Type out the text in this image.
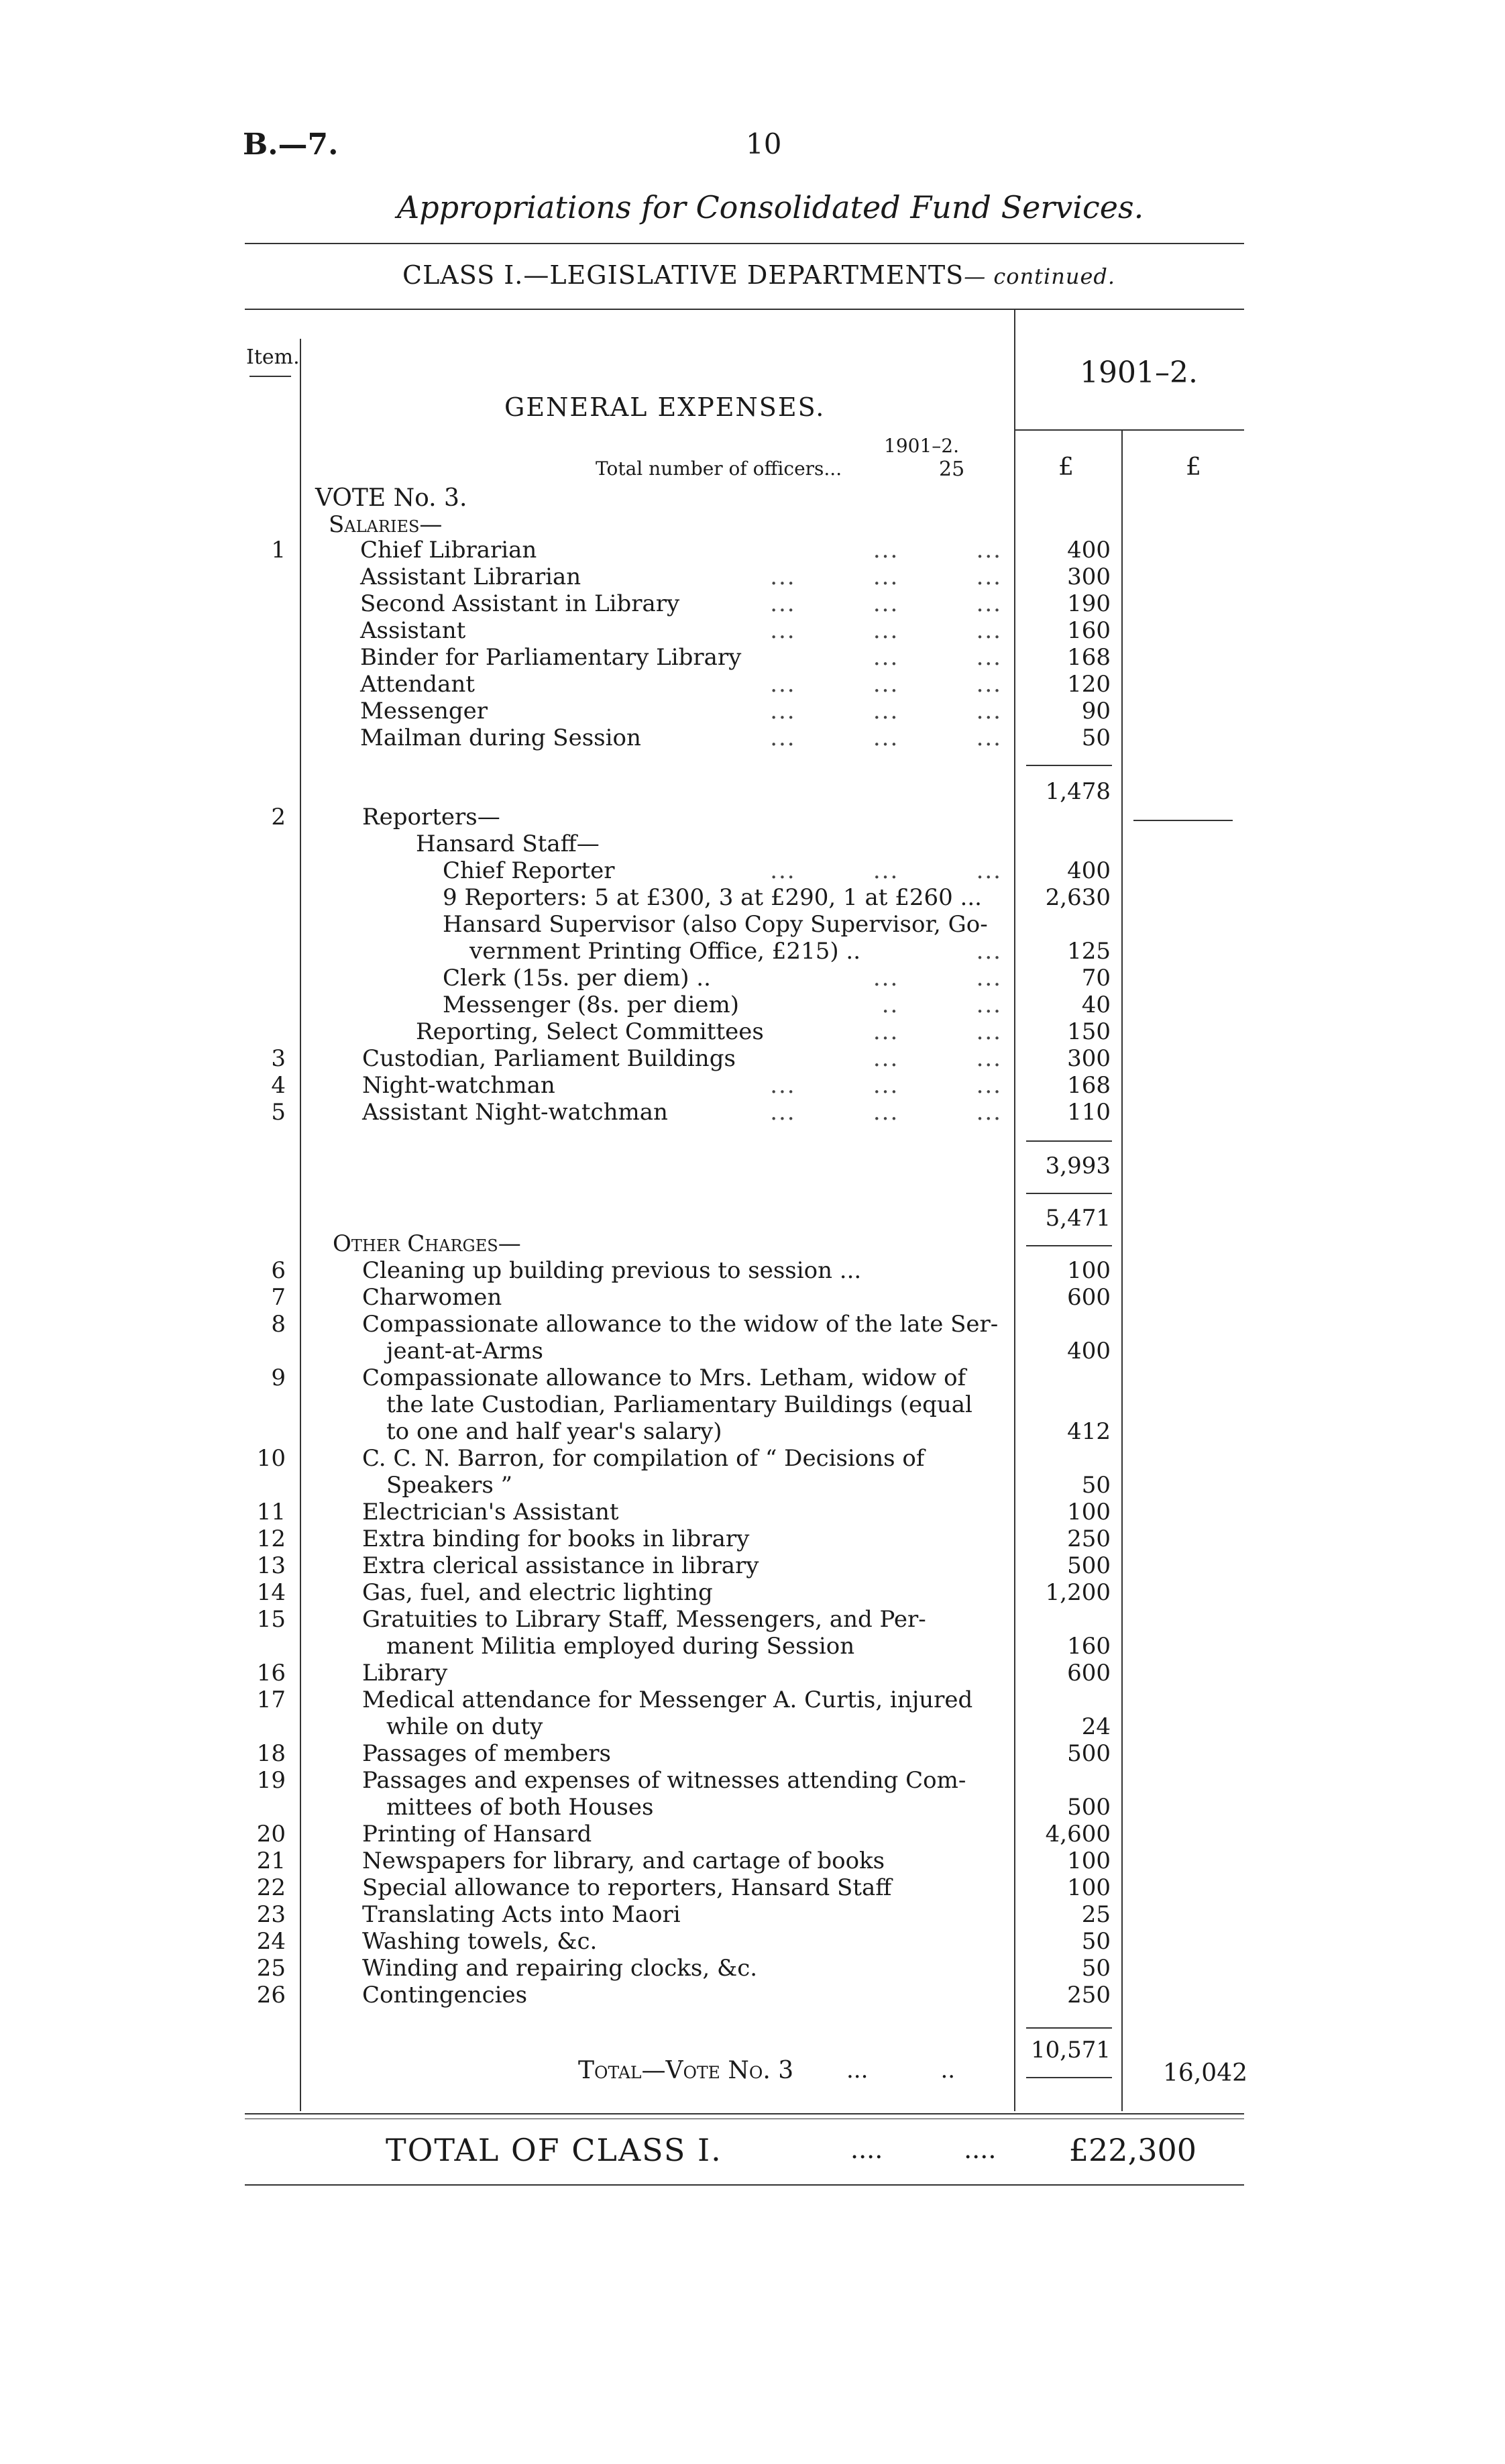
B.—7.	10
Appropriations for Consolidated Fund Services.
CLASS I.—LEGISLATIVE DEPARTMENTS— continued.
Item.	1901–2.
£	£
GENERAL EXPENSES.
1901–2.
Total number of officers...	25
VOTE No. 3.
Salaries—
1	Chief Librarian	...         ...	400
Assistant Librarian	...         ...         ...	300
Second Assistant in Library	...         ...         ...	190
Assistant	...         ...         ...	160
Binder for Parliamentary Library	...         ...	168
Attendant	...         ...         ...	120
Messenger	...         ...         ...	90
Mailman during Session	...         ...         ...	50
1,478
2	Reporters—
Hansard Staff—
Chief Reporter	...         ...         ...	400
9 Reporters: 5 at £300, 3 at £290, 1 at £260 ...	2,630
Hansard Supervisor (also Copy Supervisor, Go-
vernment Printing Office, £215) ..	...	125
Clerk (15s. per diem) ..	...         ...	70
Messenger (8s. per diem)	..         ...	40
Reporting, Select Committees	...         ...	150
3	Custodian, Parliament Buildings	...         ...	300
4	Night-watchman	...         ...         ...	168
5	Assistant Night-watchman	...         ...         ...	110
3,993
5,471
Other Charges—
6	Cleaning up building previous to session ...	100
7	Charwomen	600
8	Compassionate allowance to the widow of the late Ser-
jeant-at-Arms	400
9	Compassionate allowance to Mrs. Letham, widow of
the late Custodian, Parliamentary Buildings (equal
to one and half year's salary)	412
10	C. C. N. Barron, for compilation of “ Decisions of
Speakers ”	50
11	Electrician's Assistant	100
12	Extra binding for books in library	250
13	Extra clerical assistance in library	500
14	Gas, fuel, and electric lighting	1,200
15	Gratuities to Library Staff, Messengers, and Per-
manent Militia employed during Session	160
16	Library	600
17	Medical attendance for Messenger A. Curtis, injured
while on duty	24
18	Passages of members	500
19	Passages and expenses of witnesses attending Com-
mittees of both Houses	500
20	Printing of Hansard	4,600
21	Newspapers for library, and cartage of books	100
22	Special allowance to reporters, Hansard Staff	100
23	Translating Acts into Maori	25
24	Washing towels, &c.	50
25	Winding and repairing clocks, &c.	50
26	Contingencies	250
10,571
Total—Vote No. 3 ...          ..	16,042
TOTAL OF CLASS I.	....          .... £22,300
